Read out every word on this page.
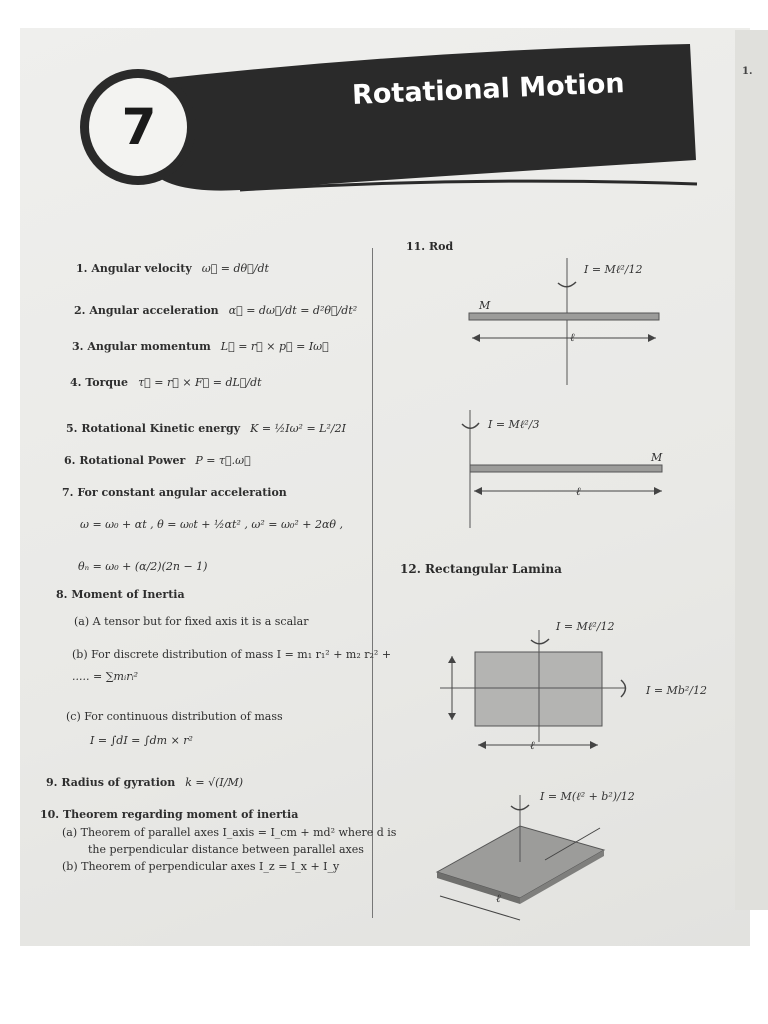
1.
7
Rotational Motion
1. Angular velocity ω⃗ = dθ⃗/dt
2. Angular acceleration α⃗ = dω⃗/dt = d²θ⃗/dt²
3. Angular momentum L⃗ = r⃗ × p⃗ = Iω⃗
4. Torque τ⃗ = r⃗ × F⃗ = dL⃗/dt
5. Rotational Kinetic energy K = ½Iω² = L²/2I
6. Rotational Power P = τ⃗.ω⃗
7. For constant angular acceleration
ω = ω₀ + αt , θ = ω₀t + ½αt² , ω² = ω₀² + 2αθ ,
θₙ = ω₀ + (α/2)(2n − 1)
8. Moment of Inertia
(a) A tensor but for fixed axis it is a scalar
(b) For discrete distribution of mass I = m₁ r₁² + m₂ r₂² +
..... = ∑mᵢrᵢ²
(c) For continuous distribution of mass
I = ∫dI = ∫dm × r²
9. Radius of gyration k = √(I/M)
10. Theorem regarding moment of inertia
(a) Theorem of parallel axes I_axis = I_cm + md² where d is
the perpendicular distance between parallel axes
(b) Theorem of perpendicular axes I_z = I_x + I_y
11. Rod
12. Rectangular Lamina
M
ℓ
I = Mℓ²/12
M
ℓ
I = Mℓ²/3
ℓ
I = Mℓ²/12
I = Mb²/12
ℓ
I = M(ℓ² + b²)/12
